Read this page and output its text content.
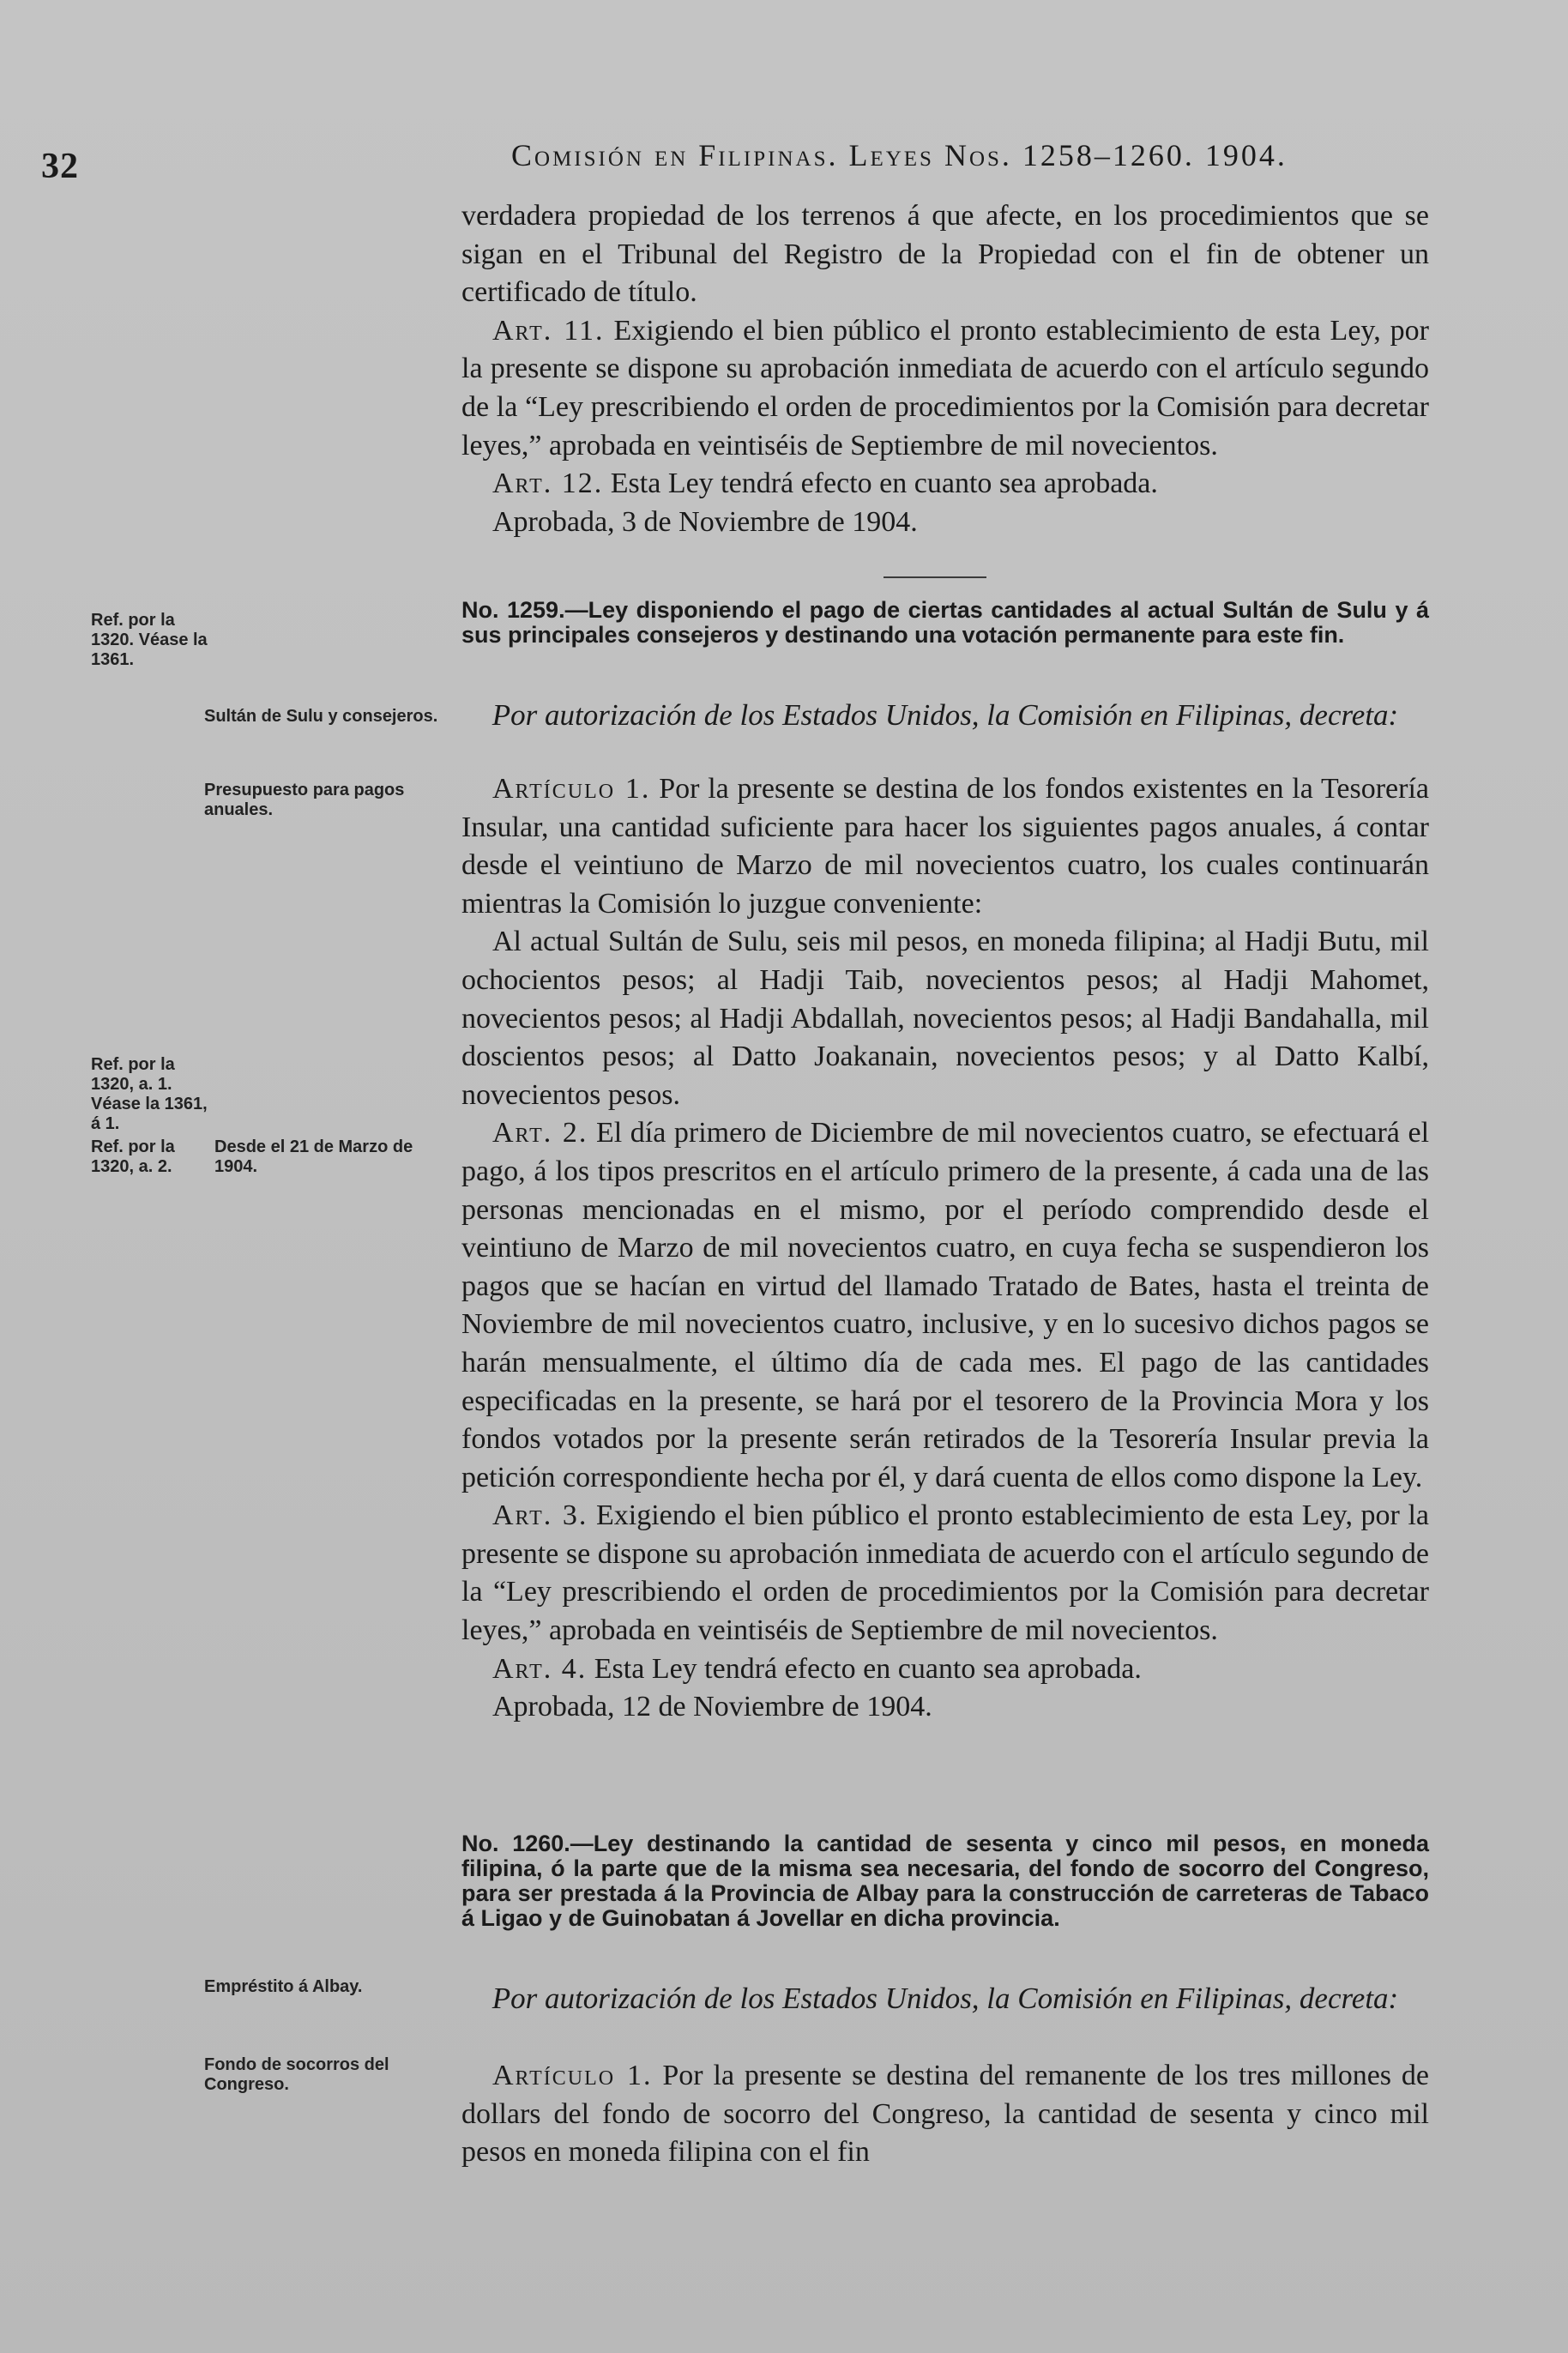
32	Comisión en Filipinas. Leyes Nos. 1258–1260. 1904.

verdadera propiedad de los terrenos á que afecte, en los procedimientos que se sigan en el Tribunal del Registro de la Propiedad con el fin de obtener un certificado de título.

Art. 11. Exigiendo el bien público el pronto establecimiento de esta Ley, por la presente se dispone su aprobación inmediata de acuerdo con el artículo segundo de la “Ley prescribiendo el orden de procedimientos por la Comisión para decretar leyes,” aprobada en veintiséis de Septiembre de mil novecientos.

Art. 12. Esta Ley tendrá efecto en cuanto sea aprobada.

Aprobada, 3 de Noviembre de 1904.

Ref. por la 1320. Véase la 1361.
Sultán de Sulu y consejeros.
Presupuesto para pagos anuales.
Ref. por la 1320, a. 1. Véase la 1361, á 1.
Ref. por la 1320, a. 2.
Desde el 21 de Marzo de 1904.
No. 1259.—Ley disponiendo el pago de ciertas cantidades al actual Sultán de Sulu y á sus principales consejeros y destinando una votación permanente para este fin.
Por autorización de los Estados Unidos, la Comisión en Filipinas, decreta:

Artículo 1. Por la presente se destina de los fondos existentes en la Tesorería Insular, una cantidad suficiente para hacer los siguientes pagos anuales, á contar desde el veintiuno de Marzo de mil novecientos cuatro, los cuales continuarán mientras la Comisión lo juzgue conveniente:

Al actual Sultán de Sulu, seis mil pesos, en moneda filipina; al Hadji Butu, mil ochocientos pesos; al Hadji Taib, novecientos pesos; al Hadji Mahomet, novecientos pesos; al Hadji Abdallah, novecientos pesos; al Hadji Bandahalla, mil doscientos pesos; al Datto Joakanain, novecientos pesos; y al Datto Kalbí, novecientos pesos.

Art. 2. El día primero de Diciembre de mil novecientos cuatro, se efectuará el pago, á los tipos prescritos en el artículo primero de la presente, á cada una de las personas mencionadas en el mismo, por el período comprendido desde el veintiuno de Marzo de mil novecientos cuatro, en cuya fecha se suspendieron los pagos que se hacían en virtud del llamado Tratado de Bates, hasta el treinta de Noviembre de mil novecientos cuatro, inclusive, y en lo sucesivo dichos pagos se harán mensualmente, el último día de cada mes. El pago de las cantidades especificadas en la presente, se hará por el tesorero de la Provincia Mora y los fondos votados por la presente serán retirados de la Tesorería Insular previa la petición correspondiente hecha por él, y dará cuenta de ellos como dispone la Ley.

Art. 3. Exigiendo el bien público el pronto establecimiento de esta Ley, por la presente se dispone su aprobación inmediata de acuerdo con el artículo segundo de la “Ley prescribiendo el orden de procedimientos por la Comisión para decretar leyes,” aprobada en veintiséis de Septiembre de mil novecientos.

Art. 4. Esta Ley tendrá efecto en cuanto sea aprobada.

Aprobada, 12 de Noviembre de 1904.

No. 1260.—Ley destinando la cantidad de sesenta y cinco mil pesos, en moneda filipina, ó la parte que de la misma sea necesaria, del fondo de socorro del Congreso, para ser prestada á la Provincia de Albay para la construcción de carreteras de Tabaco á Ligao y de Guinobatan á Jovellar en dicha provincia.
Empréstito á Albay.
Fondo de socorros del Congreso.
Por autorización de los Estados Unidos, la Comisión en Filipinas, decreta:

Artículo 1. Por la presente se destina del remanente de los tres millones de dollars del fondo de socorro del Congreso, la cantidad de sesenta y cinco mil pesos en moneda filipina con el fin
